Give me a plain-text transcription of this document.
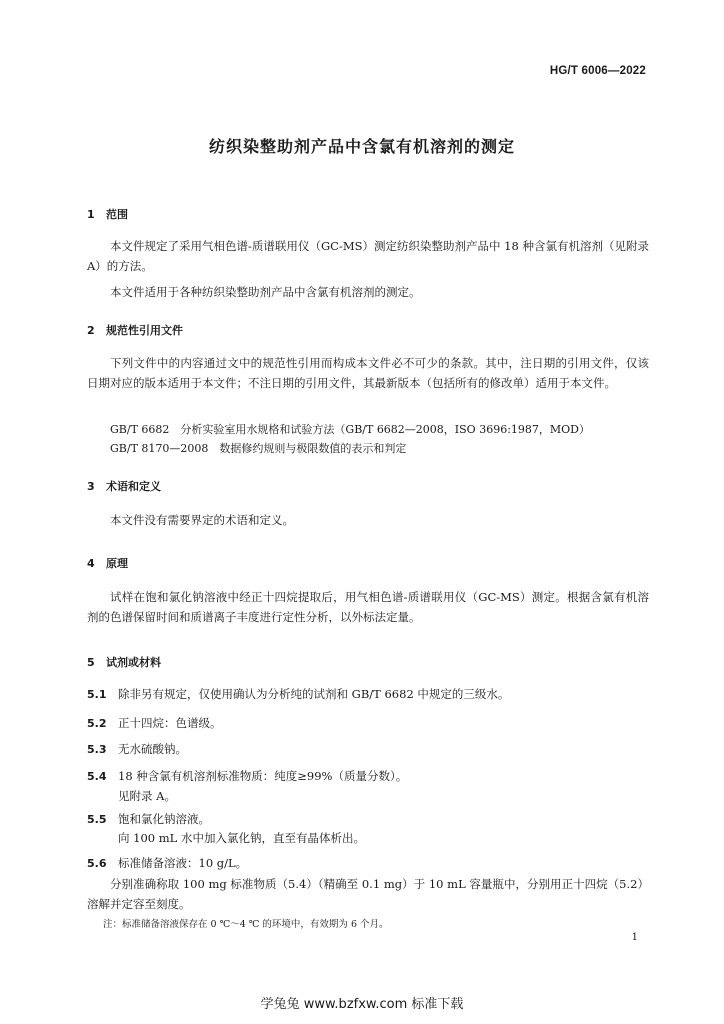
HG/T 6006—2022
纺织染整助剂产品中含氯有机溶剂的测定
1 范围
本文件规定了采用气相色谱-质谱联用仪（GC-MS）测定纺织染整助剂产品中 18 种含氯有机溶剂（见附录 A）的方法。
本文件适用于各种纺织染整助剂产品中含氯有机溶剂的测定。
2 规范性引用文件
下列文件中的内容通过文中的规范性引用而构成本文件必不可少的条款。其中，注日期的引用文件，仅该日期对应的版本适用于本文件；不注日期的引用文件，其最新版本（包括所有的修改单）适用于本文件。
GB/T 6682　分析实验室用水规格和试验方法（GB/T 6682—2008，ISO 3696:1987，MOD）
GB/T 8170—2008　数据修约规则与极限数值的表示和判定
3 术语和定义
本文件没有需要界定的术语和定义。
4 原理
试样在饱和氯化钠溶液中经正十四烷提取后，用气相色谱-质谱联用仪（GC-MS）测定。根据含氯有机溶剂的色谱保留时间和质谱离子丰度进行定性分析，以外标法定量。
5 试剂或材料
5.1 除非另有规定，仅使用确认为分析纯的试剂和 GB/T 6682 中规定的三级水。
5.2 正十四烷：色谱级。
5.3 无水硫酸钠。
5.4 18 种含氯有机溶剂标准物质：纯度≥99%（质量分数）。
见附录 A。
5.5 饱和氯化钠溶液。
向 100 mL 水中加入氯化钠，直至有晶体析出。
5.6 标准储备溶液：10 g/L。
分别准确称取 100 mg 标准物质（5.4）（精确至 0.1 mg）于 10 mL 容量瓶中，分别用正十四烷（5.2）溶解并定容至刻度。
注：标准储备溶液保存在 0 ℃～4 ℃ 的环境中，有效期为 6 个月。
1
学兔兔 www.bzfxw.com 标准下载
